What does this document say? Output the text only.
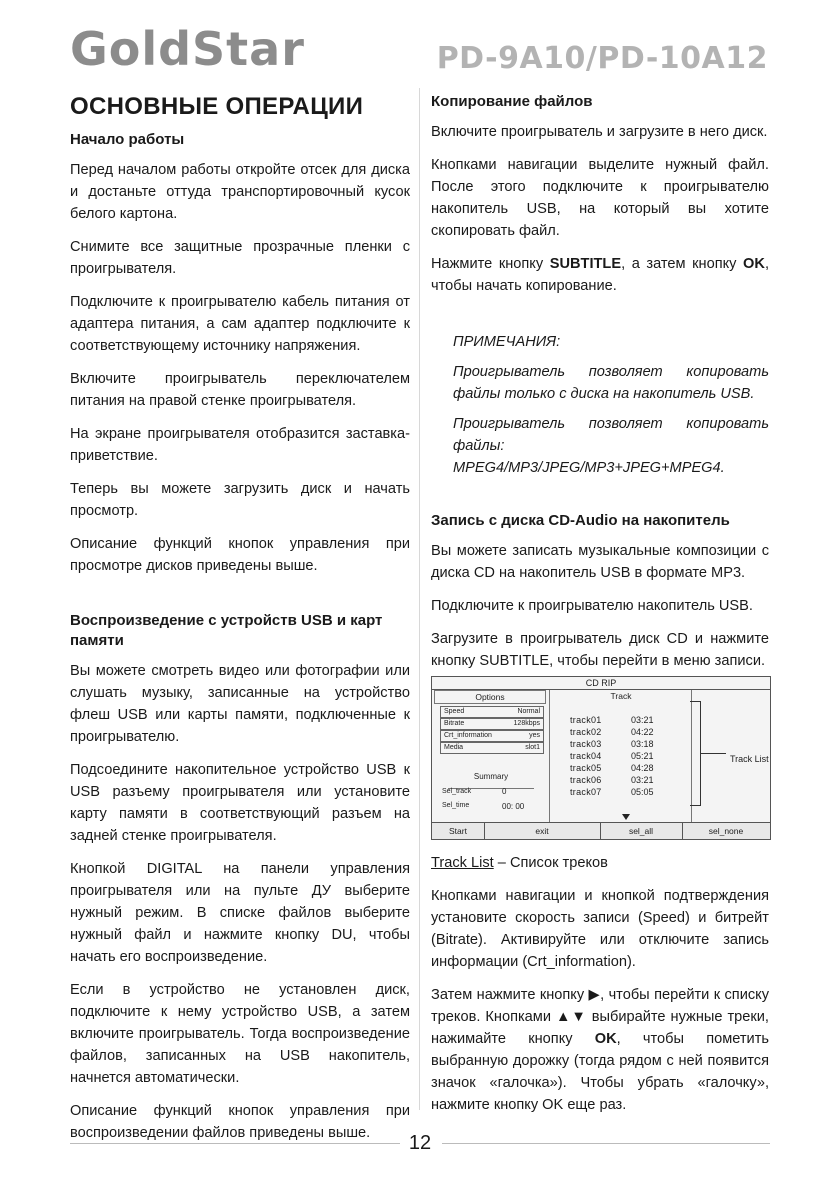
GoldStar	PD-9A10/PD-10A12
ОСНОВНЫЕ ОПЕРАЦИИ
Начало работы

Перед началом работы откройте отсек для диска и достаньте оттуда транспортировочный кусок белого картона.

Снимите все защитные прозрачные пленки с проигрывателя.

Подключите к проигрывателю кабель питания от адаптера питания, а сам адаптер подключите к соответствующему источнику напряжения.

Включите проигрыватель переключателем питания на правой стенке проигрывателя.

На экране проигрывателя отобразится заставка-приветствие.

Теперь вы можете загрузить диск и начать просмотр.

Описание функций кнопок управления при просмотре дисков приведены выше.

Воспроизведение с устройств USB и карт памяти

Вы можете смотреть видео или фотографии или слушать музыку, записанные на устройство флеш USB или карты памяти, подключенные к проигрывателю.

Подсоедините накопительное устройство USB к USB разъему проигрывателя или установите карту памяти в соответствующий разъем на задней стенке проигрывателя.

Кнопкой DIGITAL на панели управления проигрывателя или на пульте ДУ выберите нужный режим. В списке файлов выберите нужный файл и нажмите кнопку DU, чтобы начать его воспроизведение.

Если в устройство не установлен диск, подключите к нему устройство USB, а затем включите проигрыватель. Тогда воспроизведение файлов, записанных на USB накопитель, начнется автоматически.

Описание функций кнопок управления при воспроизведении файлов приведены выше.

Копирование файлов

Включите проигрыватель и загрузите в него диск.

Кнопками навигации выделите нужный файл. После этого подключите к проигрывателю накопитель USB, на который вы хотите скопировать файл.

Нажмите кнопку SUBTITLE, а затем кнопку OK, чтобы начать копирование.

ПРИМЕЧАНИЯ:

Проигрыватель позволяет копировать файлы только с диска на накопитель USB.

Проигрыватель позволяет копировать файлы: MPEG4/MP3/JPEG/MP3+JPEG+MPEG4.

Запись с диска CD-Audio на накопитель

Вы можете записать музыкальные композиции с диска CD на накопитель USB в формате MP3.

Подключите к проигрывателю накопитель USB.

Загрузите в проигрыватель диск CD и нажмите кнопку SUBTITLE, чтобы перейти в меню записи.

CD RIP
Options	Track
Speed	Normal
Bitrate	128kbps
Crt_information	yes
Media	slot1
Summary
Sel_track	0
Sel_time	00: 00
track01	03:21
track02	04:22
track03	03:18
track04	05:21
track05	04:28
track06	03:21
track07	05:05
Track List
Start	exit	sel_all	sel_none

Track List – Список треков

Кнопками навигации и кнопкой подтверждения установите скорость записи (Speed) и битрейт (Bitrate). Активируйте или отключите запись информации (Crt_information).

Затем нажмите кнопку ▶, чтобы перейти к списку треков. Кнопками ▲▼ выбирайте нужные треки, нажимайте кнопку OK, чтобы пометить выбранную дорожку (тогда рядом с ней появится значок «галочка»). Чтобы убрать «галочку», нажмите кнопку OK еще раз.

12
